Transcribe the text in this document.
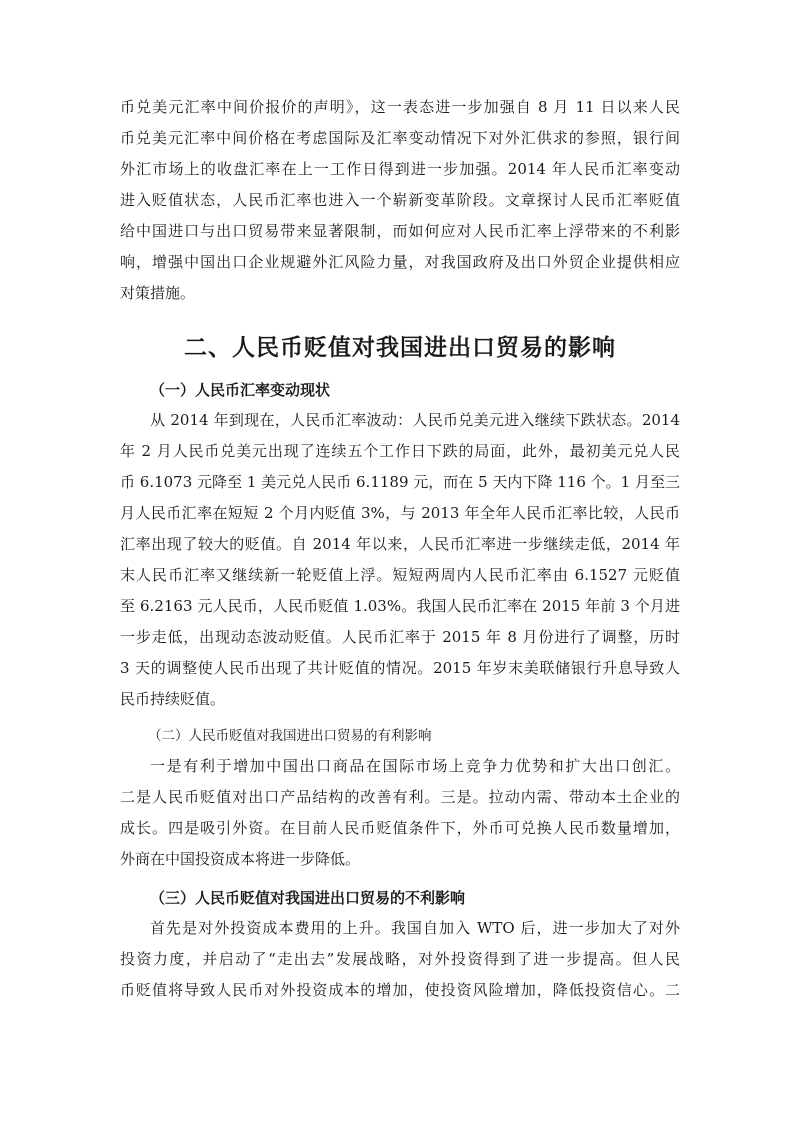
币兑美元汇率中间价报价的声明》，这一表态进一步加强自 8 月 11 日以来人民
币兑美元汇率中间价格在考虑国际及汇率变动情况下对外汇供求的参照，银行间
外汇市场上的收盘汇率在上一工作日得到进一步加强。2014 年人民币汇率变动
进入贬值状态，人民币汇率也进入一个崭新变革阶段。文章探讨人民币汇率贬值
给中国进口与出口贸易带来显著限制，而如何应对人民币汇率上浮带来的不利影
响，增强中国出口企业规避外汇风险力量，对我国政府及出口外贸企业提供相应
对策措施。
二、人民币贬值对我国进出口贸易的影响
（一）人民币汇率变动现状
从 2014 年到现在，人民币汇率波动：人民币兑美元进入继续下跌状态。2014
年 2 月人民币兑美元出现了连续五个工作日下跌的局面，此外，最初美元兑人民
币 6.1073 元降至 1 美元兑人民币 6.1189 元，而在 5 天内下降 116 个。1 月至三
月人民币汇率在短短 2 个月内贬值 3%，与 2013 年全年人民币汇率比较，人民币
汇率出现了较大的贬值。自 2014 年以来，人民币汇率进一步继续走低，2014 年
末人民币汇率又继续新一轮贬值上浮。短短两周内人民币汇率由 6.1527 元贬值
至 6.2163 元人民币，人民币贬值 1.03%。我国人民币汇率在 2015 年前 3 个月进
一步走低，出现动态波动贬值。人民币汇率于 2015 年 8 月份进行了调整，历时
3 天的调整使人民币出现了共计贬值的情况。2015 年岁末美联储银行升息导致人
民币持续贬值。
（二）人民币贬值对我国进出口贸易的有利影响
一是有利于增加中国出口商品在国际市场上竞争力优势和扩大出口创汇。
二是人民币贬值对出口产品结构的改善有利。三是。拉动内需、带动本土企业的
成长。四是吸引外资。在目前人民币贬值条件下，外币可兑换人民币数量增加，
外商在中国投资成本将进一步降低。
（三）人民币贬值对我国进出口贸易的不利影响
首先是对外投资成本费用的上升。我国自加入 WTO 后，进一步加大了对外
投资力度，并启动了“走出去”发展战略，对外投资得到了进一步提高。但人民
币贬值将导致人民币对外投资成本的增加，使投资风险增加，降低投资信心。二
